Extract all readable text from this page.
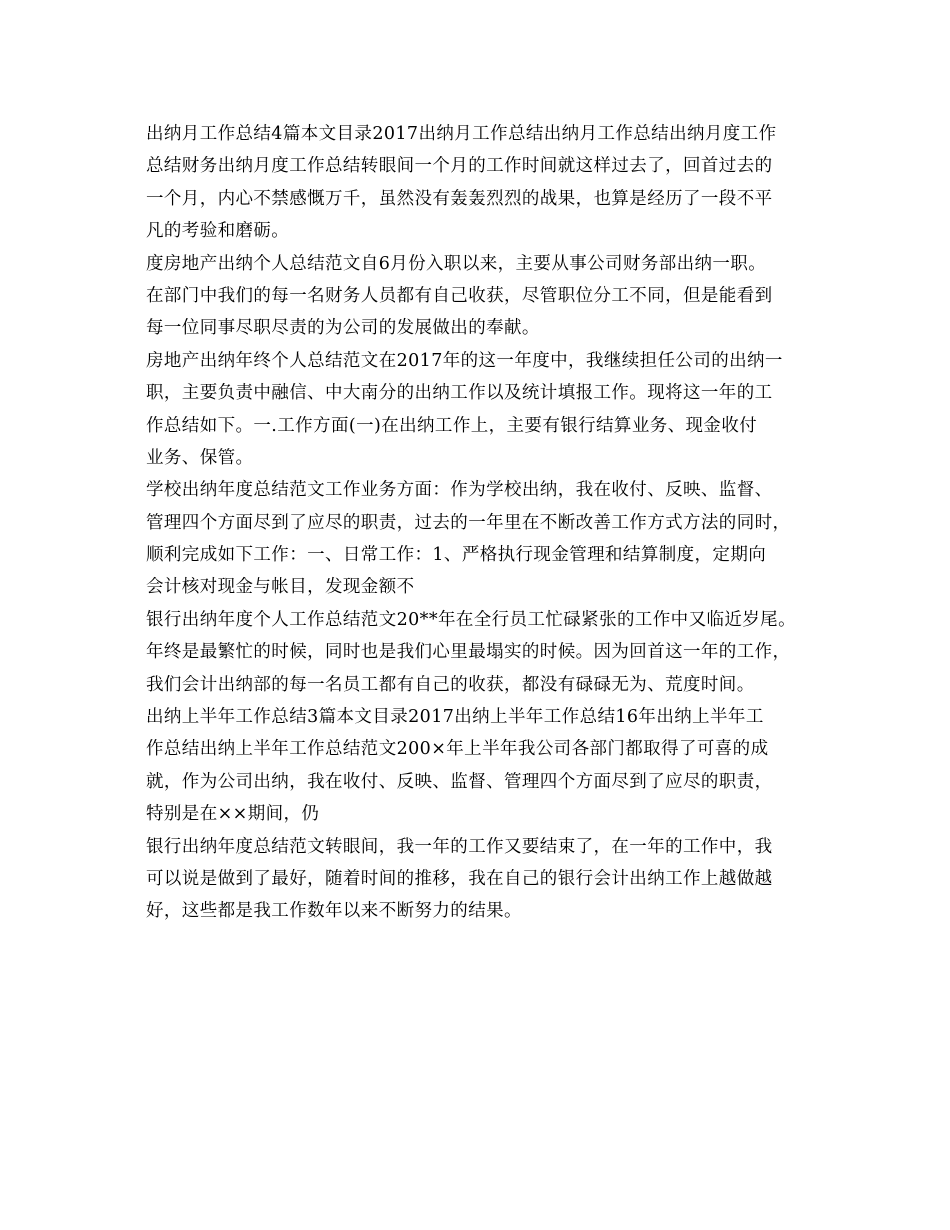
出纳月工作总结4篇本文目录2017出纳月工作总结出纳月工作总结出纳月度工作
总结财务出纳月度工作总结转眼间一个月的工作时间就这样过去了，回首过去的
一个月，内心不禁感慨万千，虽然没有轰轰烈烈的战果，也算是经历了一段不平
凡的考验和磨砺。
度房地产出纳个人总结范文自6月份入职以来，主要从事公司财务部出纳一职。
在部门中我们的每一名财务人员都有自己收获，尽管职位分工不同，但是能看到
每一位同事尽职尽责的为公司的发展做出的奉献。
房地产出纳年终个人总结范文在2017年的这一年度中，我继续担任公司的出纳一
职，主要负责中融信、中大南分的出纳工作以及统计填报工作。现将这一年的工
作总结如下。一.工作方面(一)在出纳工作上，主要有银行结算业务、现金收付
业务、保管。
学校出纳年度总结范文工作业务方面：作为学校出纳，我在收付、反映、监督、
管理四个方面尽到了应尽的职责，过去的一年里在不断改善工作方式方法的同时，
顺利完成如下工作：一、日常工作：1、严格执行现金管理和结算制度，定期向
会计核对现金与帐目，发现金额不
银行出纳年度个人工作总结范文20**年在全行员工忙碌紧张的工作中又临近岁尾。
年终是最繁忙的时候，同时也是我们心里最塌实的时候。因为回首这一年的工作，
我们会计出纳部的每一名员工都有自己的收获，都没有碌碌无为、荒度时间。
出纳上半年工作总结3篇本文目录2017出纳上半年工作总结16年出纳上半年工
作总结出纳上半年工作总结范文200×年上半年我公司各部门都取得了可喜的成
就，作为公司出纳，我在收付、反映、监督、管理四个方面尽到了应尽的职责，
特别是在××期间，仍
银行出纳年度总结范文转眼间，我一年的工作又要结束了，在一年的工作中，我
可以说是做到了最好，随着时间的推移，我在自己的银行会计出纳工作上越做越
好，这些都是我工作数年以来不断努力的结果。
